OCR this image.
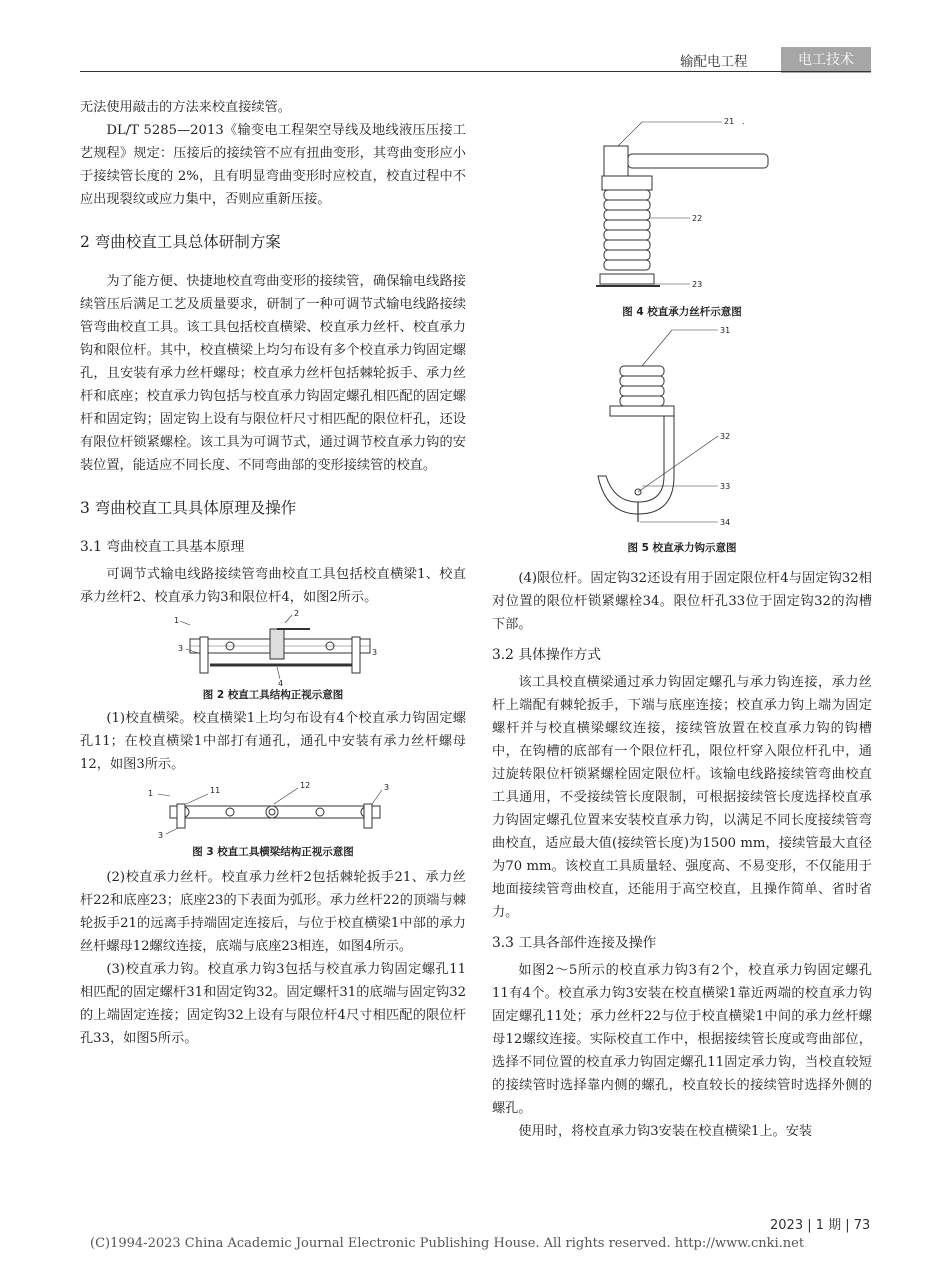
输配电工程	电工技术

无法使用敲击的方法来校直接续管。

DL/T 5285—2013《输变电工程架空导线及地线液压压接工艺规程》规定：压接后的接续管不应有扭曲变形，其弯曲变形应小于接续管长度的 2%，且有明显弯曲变形时应校直，校直过程中不应出现裂纹或应力集中，否则应重新压接。

2 弯曲校直工具总体研制方案

为了能方便、快捷地校直弯曲变形的接续管，确保输电线路接续管压后满足工艺及质量要求，研制了一种可调节式输电线路接续管弯曲校直工具。该工具包括校直横梁、校直承力丝杆、校直承力钩和限位杆。其中，校直横梁上均匀布设有多个校直承力钩固定螺孔，且安装有承力丝杆螺母；校直承力丝杆包括棘轮扳手、承力丝杆和底座；校直承力钩包括与校直承力钩固定螺孔相匹配的固定螺杆和固定钩；固定钩上设有与限位杆尺寸相匹配的限位杆孔，还设有限位杆锁紧螺栓。该工具为可调节式，通过调节校直承力钩的安装位置，能适应不同长度、不同弯曲部的变形接续管的校直。

3 弯曲校直工具具体原理及操作
3.1 弯曲校直工具基本原理

可调节式输电线路接续管弯曲校直工具包括校直横梁1、校直承力丝杆2、校直承力钩3和限位杆4，如图2所示。

1
2
3	3
4
图 2 校直工具结构正视示意图

(1)校直横梁。校直横梁1上均匀布设有4个校直承力钩固定螺孔11；在校直横梁1中部打有通孔，通孔中安装有承力丝杆螺母12，如图3所示。

1	11
12	3
3
图 3 校直工具横梁结构正视示意图

(2)校直承力丝杆。校直承力丝杆2包括棘轮扳手21、承力丝杆22和底座23；底座23的下表面为弧形。承力丝杆22的顶端与棘轮扳手21的远离手持端固定连接后，与位于校直横梁1中部的承力丝杆螺母12螺纹连接，底端与底座23相连，如图4所示。

(3)校直承力钩。校直承力钩3包括与校直承力钩固定螺孔11相匹配的固定螺杆31和固定钩32。固定螺杆31的底端与固定钩32的上端固定连接；固定钩32上设有与限位杆4尺寸相匹配的限位杆孔33，如图5所示。

21 .
22
23
图 4 校直承力丝杆示意图
31
32
33
34
图 5 校直承力钩示意图

(4)限位杆。固定钩32还设有用于固定限位杆4与固定钩32相对位置的限位杆锁紧螺栓34。限位杆孔33位于固定钩32的沟槽下部。

3.2 具体操作方式

该工具校直横梁通过承力钩固定螺孔与承力钩连接，承力丝杆上端配有棘轮扳手，下端与底座连接；校直承力钩上端为固定螺杆并与校直横梁螺纹连接，接续管放置在校直承力钩的钩槽中，在钩槽的底部有一个限位杆孔，限位杆穿入限位杆孔中，通过旋转限位杆锁紧螺栓固定限位杆。该输电线路接续管弯曲校直工具通用，不受接续管长度限制，可根据接续管长度选择校直承力钩固定螺孔位置来安装校直承力钩，以满足不同长度接续管弯曲校直，适应最大值(接续管长度)为1500 mm，接续管最大直径为70 mm。该校直工具质量轻、强度高、不易变形，不仅能用于地面接续管弯曲校直，还能用于高空校直，且操作简单、省时省力。

3.3 工具各部件连接及操作

如图2～5所示的校直承力钩3有2个，校直承力钩固定螺孔11有4个。校直承力钩3安装在校直横梁1靠近两端的校直承力钩固定螺孔11处；承力丝杆22与位于校直横梁1中间的承力丝杆螺母12螺纹连接。实际校直工作中，根据接续管长度或弯曲部位，选择不同位置的校直承力钩固定螺孔11固定承力钩，当校直较短的接续管时选择靠内侧的螺孔，校直较长的接续管时选择外侧的螺孔。

使用时，将校直承力钩3安装在校直横梁1上。安装

2023 | 1 期 | 73
(C)1994-2023 China Academic Journal Electronic Publishing House. All rights reserved. http://www.cnki.net
